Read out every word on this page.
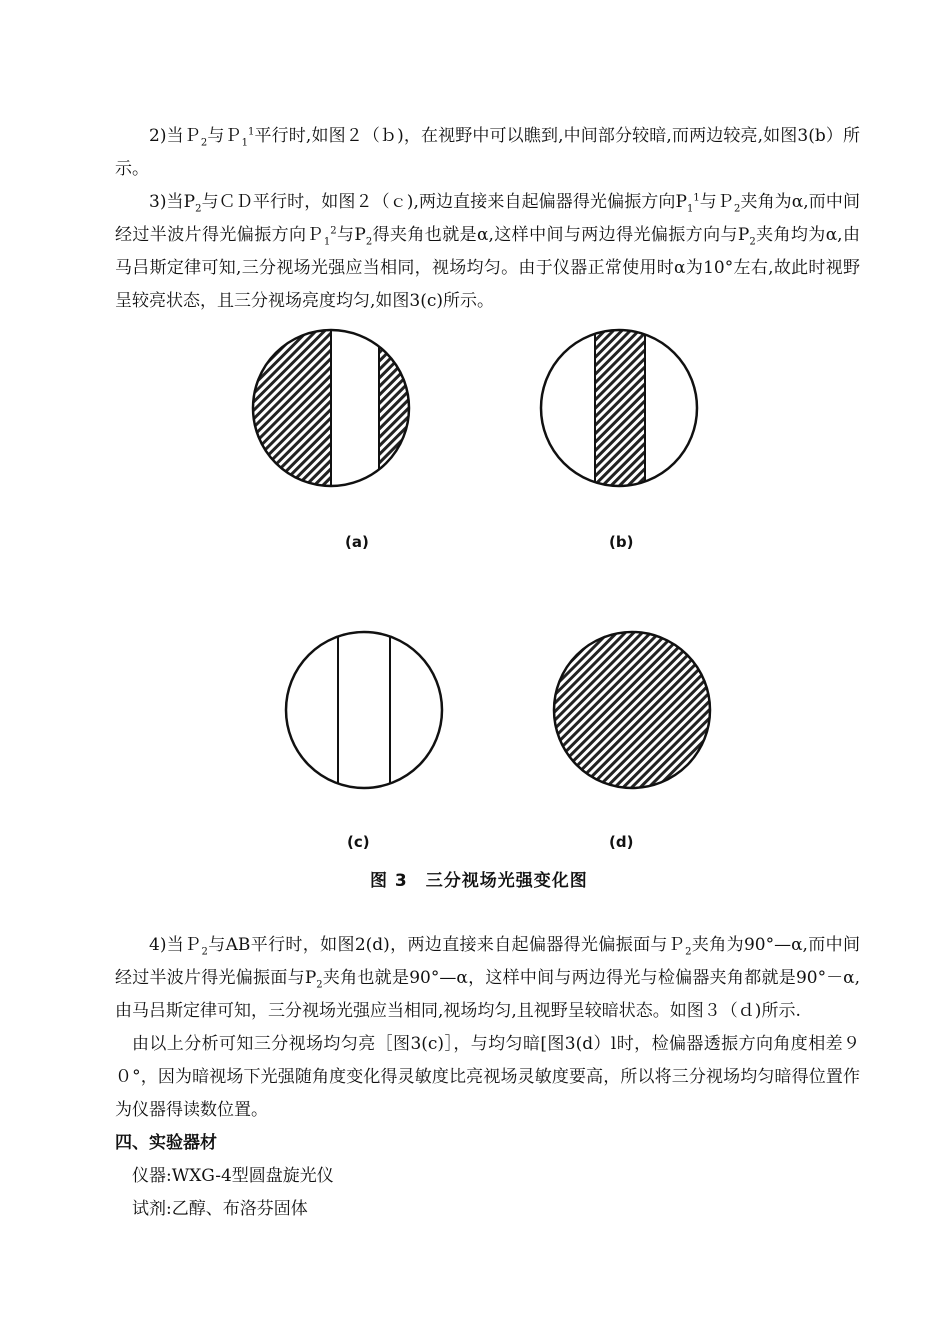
2)当Ｐ$_2$与Ｐ$_1^1$平行时,如图２（ｂ)，在视野中可以瞧到,中间部分较暗,而两边较亮,如图3(b）所示。

3)当$P_2$与ＣＤ平行时，如图２（ｃ),两边直接来自起偏器得光偏振方向$P_1^1$与Ｐ$_2$夹角为α,而中间经过半波片得光偏振方向Ｐ$_1^2$与$P_2$得夹角也就是α,这样中间与两边得光偏振方向与$P_2$夹角均为α,由马吕斯定律可知,三分视场光强应当相同，视场均匀。由于仪器正常使用时α为10°左右,故此时视野呈较亮状态，且三分视场亮度均匀,如图3(c)所示。

(a)	(b)
(c)	(d)
图 3　三分视场光强变化图

4)当Ｐ$_2$与AB平行时，如图2(d)，两边直接来自起偏器得光偏振面与Ｐ$_2$夹角为90°—α,而中间经过半波片得光偏振面与$P_2$夹角也就是90°—α，这样中间与两边得光与检偏器夹角都就是90°－α,由马吕斯定律可知，三分视场光强应当相同,视场均匀,且视野呈较暗状态。如图３（ｄ)所示.

由以上分析可知三分视场均匀亮［图3(c)］，与均匀暗[图3(d）l时，检偏器透振方向角度相差９０°，因为暗视场下光强随角度变化得灵敏度比亮视场灵敏度要高，所以将三分视场均匀暗得位置作为仪器得读数位置。

四、实验器材

仪器:WXG-4型圆盘旋光仪

试剂:乙醇、布洛芬固体
